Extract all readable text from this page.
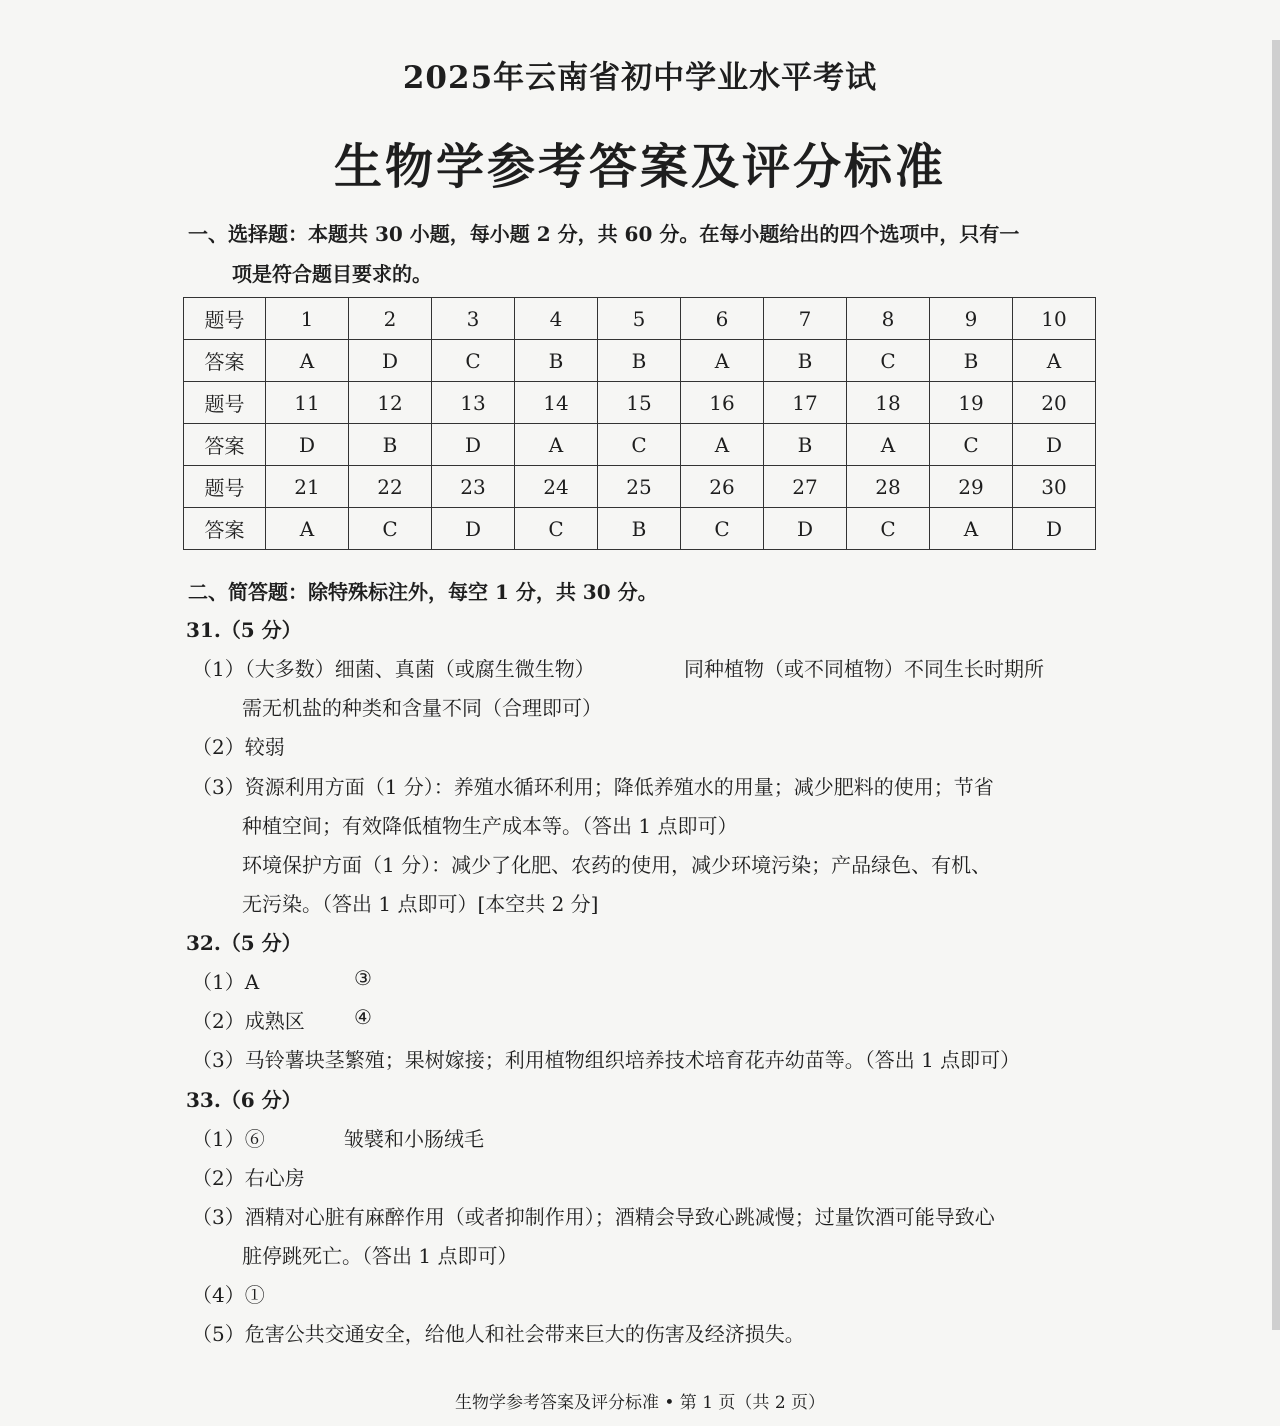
2025年云南省初中学业水平考试
生物学参考答案及评分标准
一、选择题：本题共 30 小题，每小题 2 分，共 60 分。在每小题给出的四个选项中，只有一
项是符合题目要求的。
题号	1	2	3	4	5	6	7	8	9	10
答案	A	D	C	B	B	A	B	C	B	A
题号	11	12	13	14	15	16	17	18	19	20
答案	D	B	D	A	C	A	B	A	C	D
题号	21	22	23	24	25	26	27	28	29	30
答案	A	C	D	C	B	C	D	C	A	D
二、简答题：除特殊标注外，每空 1 分，共 30 分。
31.（5 分）
（1）（大多数）细菌、真菌（或腐生微生物）	同种植物（或不同植物）不同生长时期所
需无机盐的种类和含量不同（合理即可）
（2）较弱
（3）资源利用方面（1 分）：养殖水循环利用；降低养殖水的用量；减少肥料的使用；节省
种植空间；有效降低植物生产成本等。（答出 1 点即可）
环境保护方面（1 分）：减少了化肥、农药的使用，减少环境污染；产品绿色、有机、
无污染。（答出 1 点即可）[本空共 2 分]
32.（5 分）
（1）A	③
（2）成熟区 ④
（3）马铃薯块茎繁殖；果树嫁接；利用植物组织培养技术培育花卉幼苗等。（答出 1 点即可）
33.（6 分）
（1）⑥	皱襞和小肠绒毛
（2）右心房
（3）酒精对心脏有麻醉作用（或者抑制作用）；酒精会导致心跳减慢；过量饮酒可能导致心
脏停跳死亡。（答出 1 点即可）
（4）①
（5）危害公共交通安全，给他人和社会带来巨大的伤害及经济损失。
生物学参考答案及评分标准 • 第 1 页（共 2 页）
